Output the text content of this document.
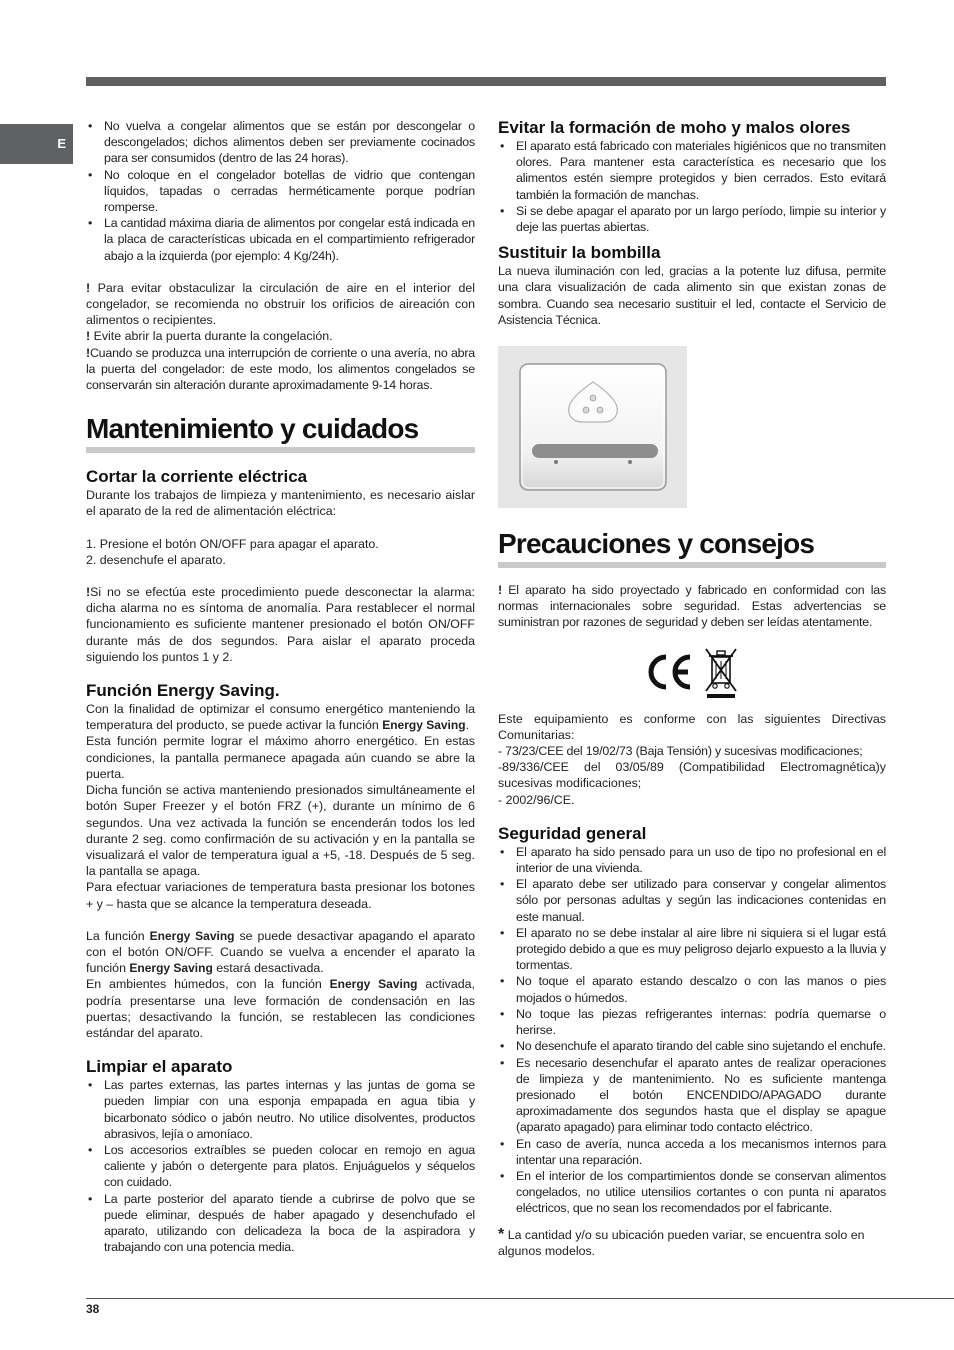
E
• No vuelva a congelar alimentos que se están por descongelar o descongelados; dichos alimentos deben ser previamente cocinados para ser consumidos (dentro de las 24 horas).
• No coloque en el congelador botellas de vidrio que contengan líquidos, tapadas o cerradas herméticamente porque podrían romperse.
• La cantidad máxima diaria de alimentos por congelar está indicada en la placa de características ubicada en el compartimiento refrigerador abajo a la izquierda (por ejemplo: 4 Kg/24h).

! Para evitar obstaculizar la circulación de aire en el interior del congelador, se recomienda no obstruir los orificios de aireación con alimentos o recipientes.

! Evite abrir la puerta durante la congelación.

!Cuando se produzca una interrupción de corriente o una avería, no abra la puerta del congelador: de este modo, los alimentos congelados se conservarán sin alteración durante aproximadamente 9-14 horas.

Mantenimiento y cuidados
Cortar la corriente eléctrica

Durante los trabajos de limpieza y mantenimiento, es necesario aislar el aparato de la red de alimentación eléctrica:

1. Presione el botón ON/OFF para apagar el aparato.
2. desenchufe el aparato.

!Si no se efectúa este procedimiento puede desconectar la alarma: dicha alarma no es síntoma de anomalía. Para restablecer el normal funcionamiento es suficiente mantener presionado el botón ON/OFF durante más de dos segundos. Para aislar el aparato proceda siguiendo los puntos 1 y 2.

Función Energy Saving.

Con la finalidad de optimizar el consumo energético manteniendo la temperatura del producto, se puede activar la función Energy Saving.

Esta función permite lograr el máximo ahorro energético. En estas condiciones, la pantalla permanece apagada aún cuando se abre la puerta.

Dicha función se activa manteniendo presionados simultáneamente el botón Super Freezer y el botón FRZ (+), durante un mínimo de 6 segundos. Una vez activada la función se encenderán todos los led durante 2 seg. como confirmación de su activación y en la pantalla se visualizará el valor de temperatura igual a +5, -18. Después de 5 seg. la pantalla se apaga.

Para efectuar variaciones de temperatura basta presionar los botones + y – hasta que se alcance la temperatura deseada.

La función Energy Saving se puede desactivar apagando el aparato con el botón ON/OFF. Cuando se vuelva a encender el aparato la función Energy Saving estará desactivada.

En ambientes húmedos, con la función Energy Saving activada, podría presentarse una leve formación de condensación en las puertas; desactivando la función, se restablecen las condiciones estándar del aparato.

Limpiar el aparato
• Las partes externas, las partes internas y las juntas de goma se pueden limpiar con una esponja empapada en agua tibia y bicarbonato sódico o jabón neutro. No utilice disolventes, productos abrasivos, lejía o amoníaco.
• Los accesorios extraíbles se pueden colocar en remojo en agua caliente y jabón o detergente para platos. Enjuáguelos y séquelos con cuidado.
• La parte posterior del aparato tiende a cubrirse de polvo que se puede eliminar, después de haber apagado y desenchufado el aparato, utilizando con delicadeza la boca de la aspiradora y trabajando con una potencia media.
Evitar la formación de moho y malos olores
• El aparato está fabricado con materiales higiénicos que no transmiten olores. Para mantener esta característica es necesario que los alimentos estén siempre protegidos y bien cerrados. Esto evitará también la formación de manchas.
• Si se debe apagar el aparato por un largo período, limpie su interior y deje las puertas abiertas.
Sustituir la bombilla

La nueva iluminación con led, gracias a la potente luz difusa, permite una clara visualización de cada alimento sin que existan zonas de sombra. Cuando sea necesario sustituir el led, contacte el Servicio de Asistencia Técnica.

Precauciones y consejos

! El aparato ha sido proyectado y fabricado en conformidad con las normas internacionales sobre seguridad. Estas advertencias se suministran por razones de seguridad y deben ser leídas atentamente.

Este equipamiento es conforme con las siguientes Directivas Comunitarias:

- 73/23/CEE del 19/02/73 (Baja Tensión) y sucesivas modificaciones;

-89/336/CEE del 03/05/89 (Compatibilidad Electromagnética)y sucesivas modificaciones;

- 2002/96/CE.

Seguridad general
• El aparato ha sido pensado para un uso de tipo no profesional en el interior de una vivienda.
• El aparato debe ser utilizado para conservar y congelar alimentos sólo por personas adultas y según las indicaciones contenidas en este manual.
• El aparato no se debe instalar al aire libre ni siquiera si el lugar está protegido debido a que es muy peligroso dejarlo expuesto a la lluvia y tormentas.
• No toque el aparato estando descalzo o con las manos o pies mojados o húmedos.
• No toque las piezas refrigerantes internas: podría quemarse o herirse.
• No desenchufe el aparato tirando del cable sino sujetando el enchufe.
• Es necesario desenchufar el aparato antes de realizar operaciones de limpieza y de mantenimiento. No es suficiente mantenga presionado el botón ENCENDIDO/APAGADO durante aproximadamente dos segundos hasta que el display se apague (aparato apagado) para eliminar todo contacto eléctrico.
• En caso de avería, nunca acceda a los mecanismos internos para intentar una reparación.
• En el interior de los compartimientos donde se conservan alimentos congelados, no utilice utensilios cortantes o con punta ni aparatos eléctricos, que no sean los recomendados por el fabricante.

* La cantidad y/o su ubicación pueden variar, se encuentra solo en algunos modelos.

38
